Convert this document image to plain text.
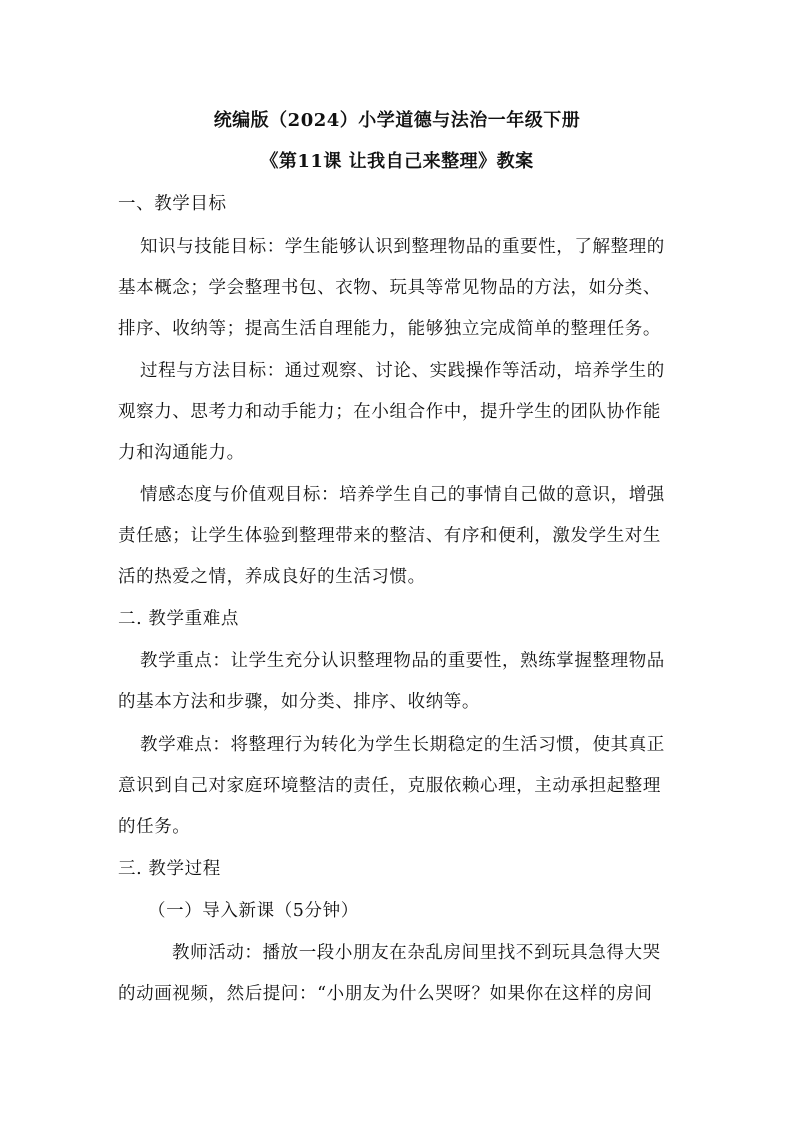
统编版（2024）小学道德与法治一年级下册
《第11课 让我自己来整理》教案
一、教学目标
知识与技能目标：学生能够认识到整理物品的重要性，了解整理的
基本概念；学会整理书包、衣物、玩具等常见物品的方法，如分类、
排序、收纳等；提高生活自理能力，能够独立完成简单的整理任务。
过程与方法目标：通过观察、讨论、实践操作等活动，培养学生的
观察力、思考力和动手能力；在小组合作中，提升学生的团队协作能
力和沟通能力。
情感态度与价值观目标：培养学生自己的事情自己做的意识，增强
责任感；让学生体验到整理带来的整洁、有序和便利，激发学生对生
活的热爱之情，养成良好的生活习惯。
二. 教学重难点
教学重点：让学生充分认识整理物品的重要性，熟练掌握整理物品
的基本方法和步骤，如分类、排序、收纳等。
教学难点：将整理行为转化为学生长期稳定的生活习惯，使其真正
意识到自己对家庭环境整洁的责任，克服依赖心理，主动承担起整理
的任务。
三. 教学过程
（一）导入新课（5分钟）
教师活动：播放一段小朋友在杂乱房间里找不到玩具急得大哭
的动画视频，然后提问：“小朋友为什么哭呀？如果你在这样的房间
